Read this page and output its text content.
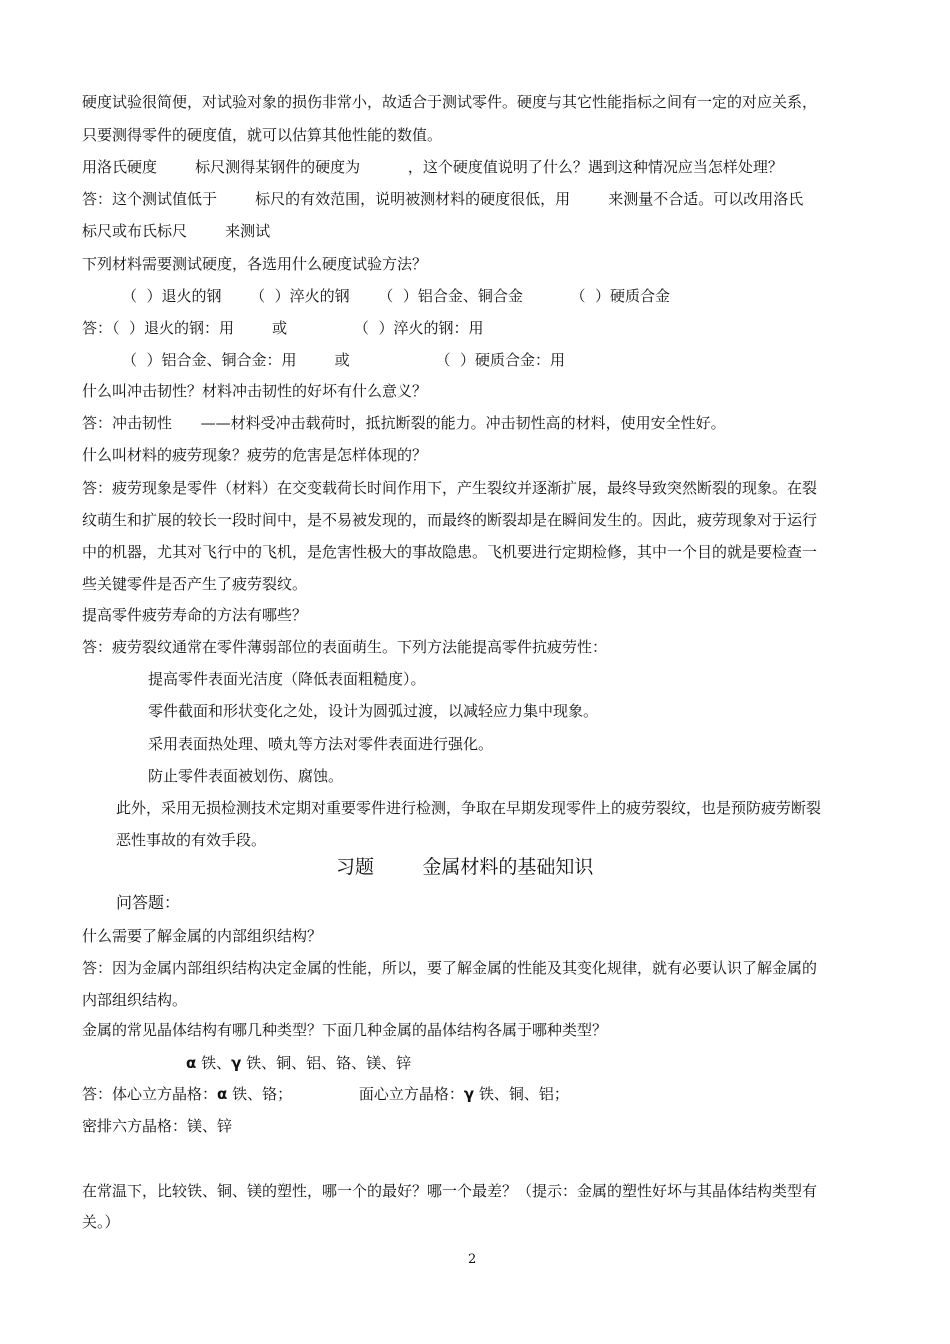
硬度试验很简便，对试验对象的损伤非常小，故适合于测试零件。硬度与其它性能指标之间有一定的对应关系，
只要测得零件的硬度值，就可以估算其他性能的数值。
用洛氏硬度        标尺测得某钢件的硬度为          ，这个硬度值说明了什么？遇到这种情况应当怎样处理？
答：这个测试值低于        标尺的有效范围，说明被测材料的硬度很低，用        来测量不合适。可以改用洛氏
标尺或布氏标尺        来测试
下列材料需要测试硬度，各选用什么硬度试验方法？
（  ）退火的钢      （  ）淬火的钢      （  ）铝合金、铜合金          （  ）硬质合金
答：（  ）退火的钢：用        或              （  ）淬火的钢：用
（  ）铝合金、铜合金：用        或                  （  ）硬质合金：用
什么叫冲击韧性？材料冲击韧性的好坏有什么意义？
答：冲击韧性      ——材料受冲击载荷时，抵抗断裂的能力。冲击韧性高的材料，使用安全性好。
什么叫材料的疲劳现象？疲劳的危害是怎样体现的？
答：疲劳现象是零件（材料）在交变载荷长时间作用下，产生裂纹并逐渐扩展，最终导致突然断裂的现象。在裂
纹萌生和扩展的较长一段时间中，是不易被发现的，而最终的断裂却是在瞬间发生的。因此，疲劳现象对于运行
中的机器，尤其对飞行中的飞机，是危害性极大的事故隐患。飞机要进行定期检修，其中一个目的就是要检查一
些关键零件是否产生了疲劳裂纹。
提高零件疲劳寿命的方法有哪些？
答：疲劳裂纹通常在零件薄弱部位的表面萌生。下列方法能提高零件抗疲劳性：
提高零件表面光洁度（降低表面粗糙度）。
零件截面和形状变化之处，设计为圆弧过渡，以减轻应力集中现象。
采用表面热处理、喷丸等方法对零件表面进行强化。
防止零件表面被划伤、腐蚀。
此外，采用无损检测技术定期对重要零件进行检测，争取在早期发现零件上的疲劳裂纹，也是预防疲劳断裂
恶性事故的有效手段。
习题        金属材料的基础知识
问答题：
什么需要了解金属的内部组织结构？
答：因为金属内部组织结构决定金属的性能，所以，要了解金属的性能及其变化规律，就有必要认识了解金属的
内部组织结构。
金属的常见晶体结构有哪几种类型？下面几种金属的晶体结构各属于哪种类型？
α 铁、γ 铁、铜、铝、铬、镁、锌
答：体心立方晶格：α 铁、铬；              面心立方晶格：γ 铁、铜、铝；
密排六方晶格：镁、锌
在常温下，比较铁、铜、镁的塑性，哪一个的最好？哪一个最差？（提示：金属的塑性好坏与其晶体结构类型有
关。）
2
